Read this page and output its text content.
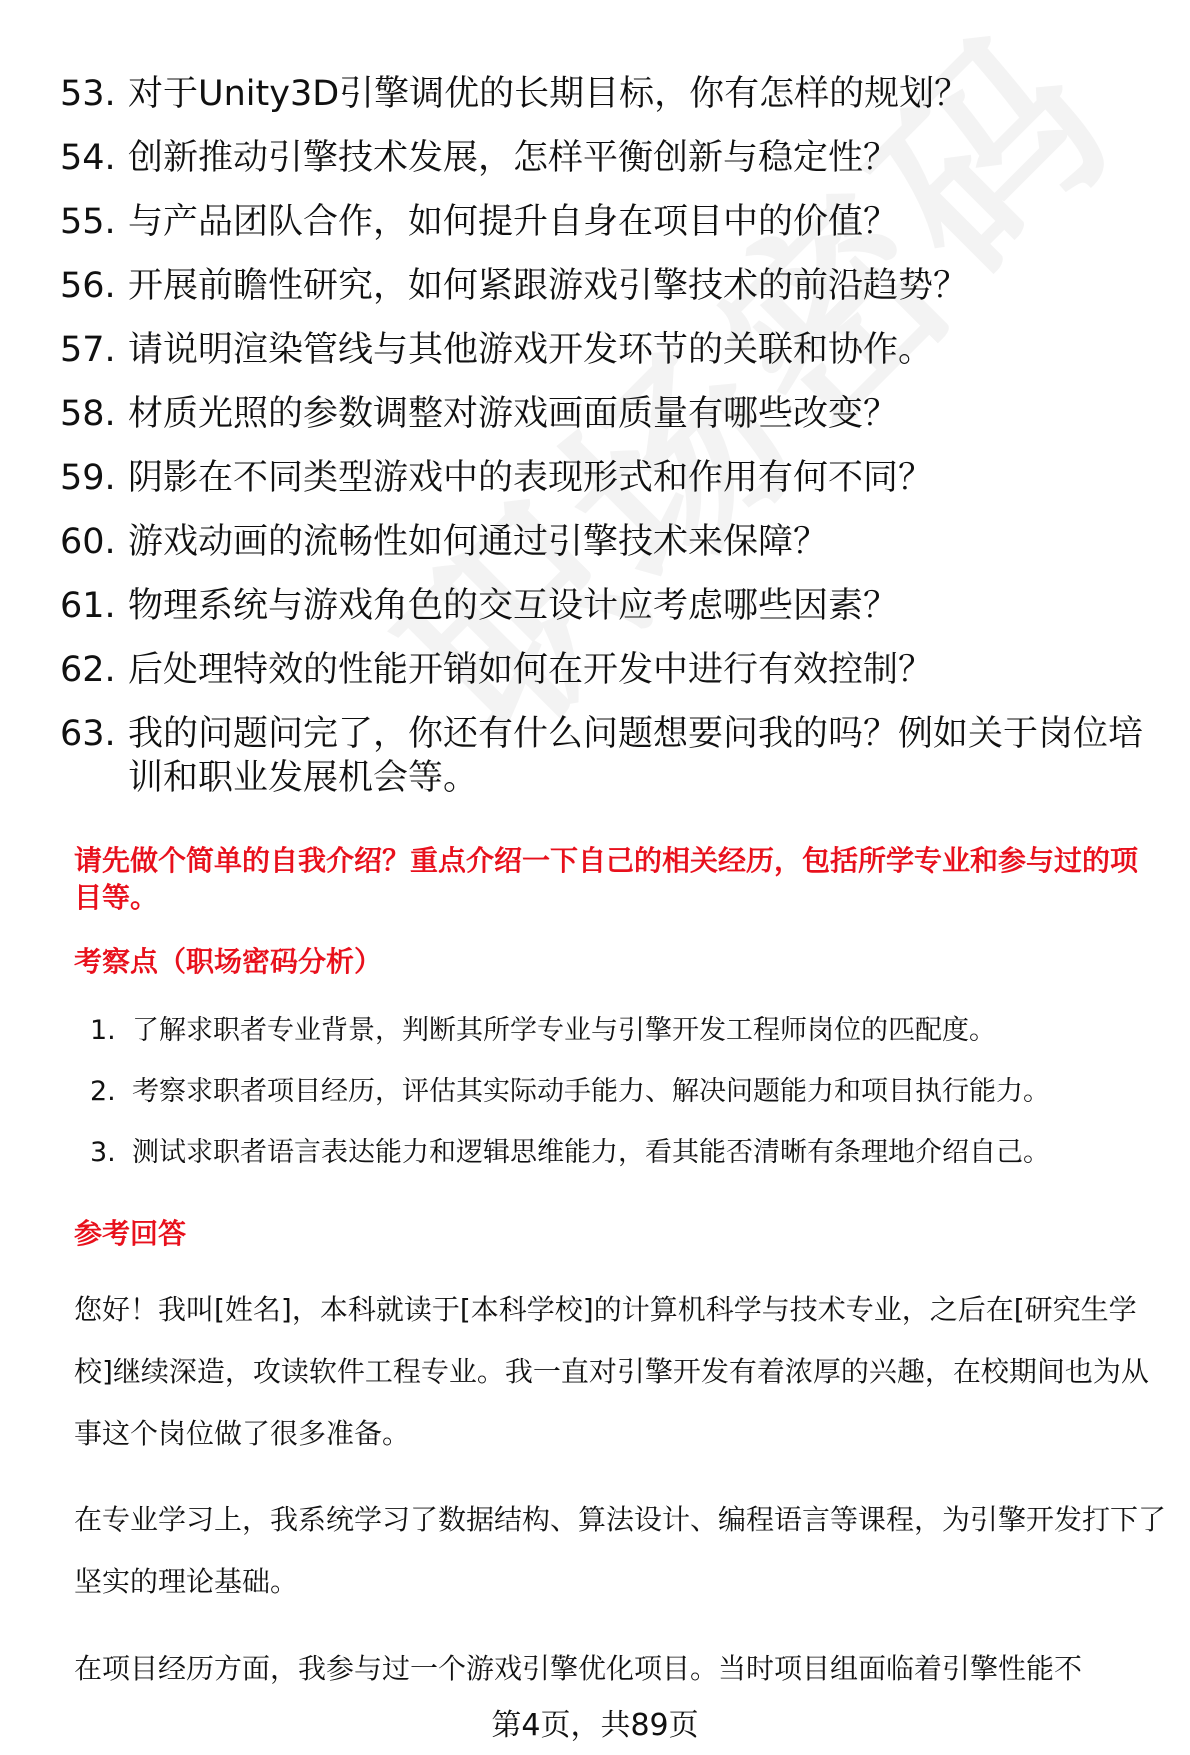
53. 对于Unity3D引擎调优的长期目标，你有怎样的规划？
54. 创新推动引擎技术发展，怎样平衡创新与稳定性？
55. 与产品团队合作，如何提升自身在项目中的价值？
56. 开展前瞻性研究，如何紧跟游戏引擎技术的前沿趋势？
57. 请说明渲染管线与其他游戏开发环节的关联和协作。
58. 材质光照的参数调整对游戏画面质量有哪些改变？
59. 阴影在不同类型游戏中的表现形式和作用有何不同？
60. 游戏动画的流畅性如何通过引擎技术来保障？
61. 物理系统与游戏角色的交互设计应考虑哪些因素？
62. 后处理特效的性能开销如何在开发中进行有效控制？
63. 我的问题问完了，你还有什么问题想要问我的吗？例如关于岗位培训和职业发展机会等。
请先做个简单的自我介绍？重点介绍一下自己的相关经历，包括所学专业和参与过的项目等。
考察点（职场密码分析）
1. 了解求职者专业背景，判断其所学专业与引擎开发工程师岗位的匹配度。
2. 考察求职者项目经历，评估其实际动手能力、解决问题能力和项目执行能力。
3. 测试求职者语言表达能力和逻辑思维能力，看其能否清晰有条理地介绍自己。
参考回答
您好！我叫[姓名]，本科就读于[本科学校]的计算机科学与技术专业，之后在[研究生学校]继续深造，攻读软件工程专业。我一直对引擎开发有着浓厚的兴趣，在校期间也为从事这个岗位做了很多准备。
在专业学习上，我系统学习了数据结构、算法设计、编程语言等课程，为引擎开发打下了坚实的理论基础。
在项目经历方面，我参与过一个游戏引擎优化项目。当时项目组面临着引擎性能不
第4页，共89页
